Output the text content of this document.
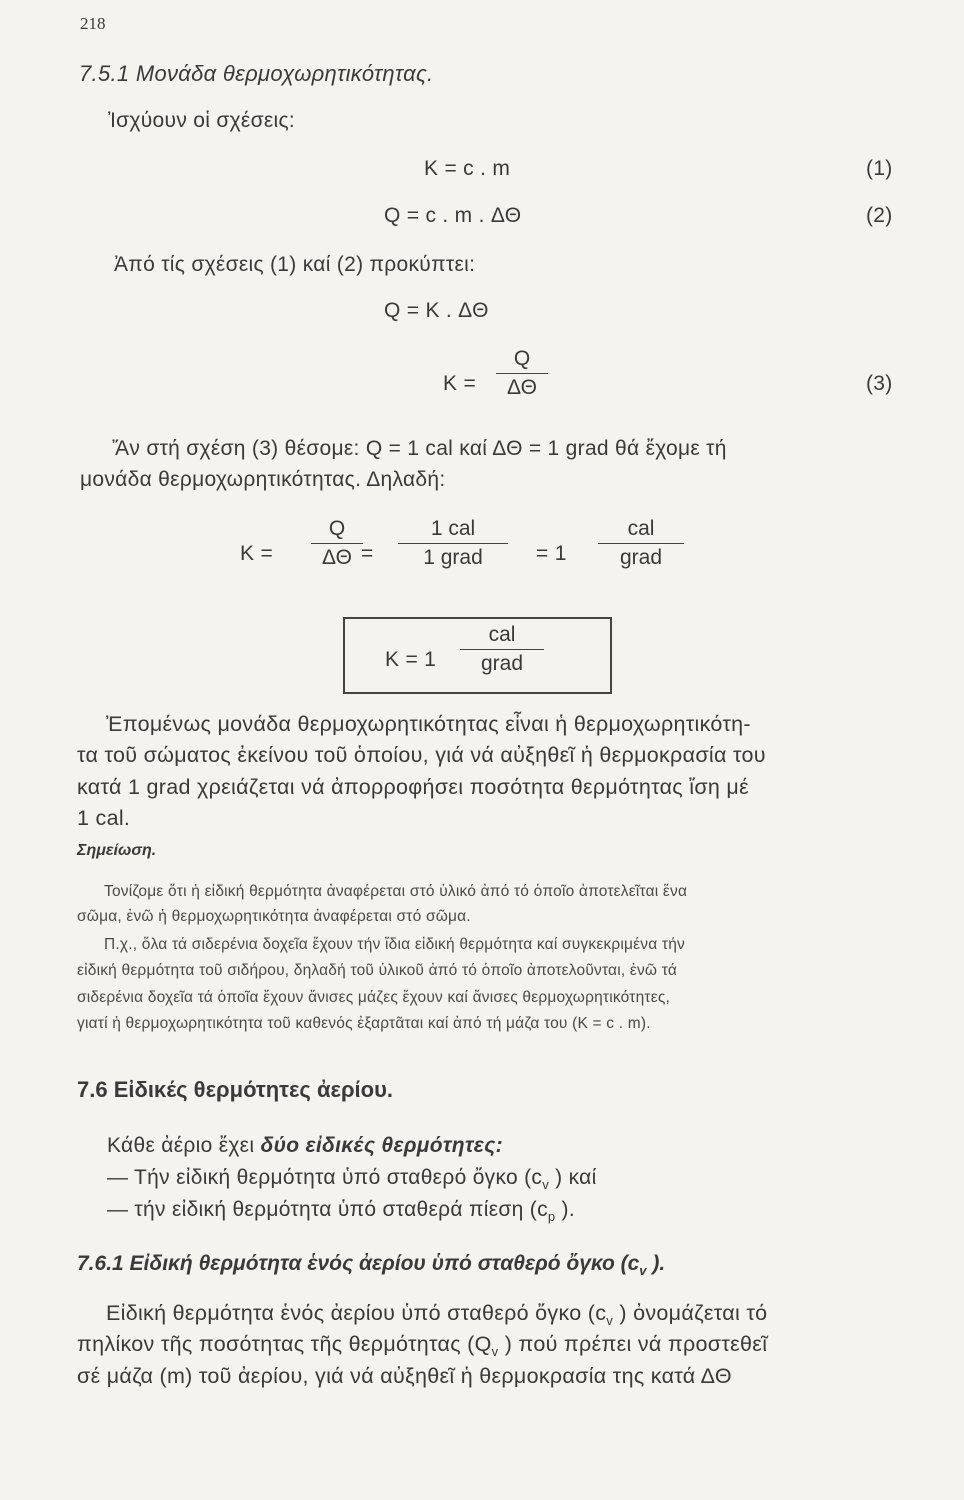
218
7.5.1 Μονάδα θερμοχωρητικότητας.
Ἰσχύουν οἱ σχέσεις:
K = c . m	(1)
Q = c . m . ΔΘ	(2)
Ἀπό τίς σχέσεις (1) καί (2) προκύπτει:
Q = K . ΔΘ
K =
Q
ΔΘ	(3)
Ἄν στή σχέση (3) θέσομε: Q = 1 cal καί ΔΘ = 1 grad θά ἔχομε τή
μονάδα θερμοχωρητικότητας. Δηλαδή:
K =
Q
ΔΘ =
1 cal
1 grad	= 1
cal
grad
K = 1
cal
grad
Ἐπομένως μονάδα θερμοχωρητικότητας εἶναι ἡ θερμοχωρητικότη-
τα τοῦ σώματος ἐκείνου τοῦ ὁποίου, γιά νά αὐξηθεῖ ἡ θερμοκρασία του
κατά 1 grad χρειάζεται νά ἀπορροφήσει ποσότητα θερμότητας ἴση μέ
1 cal.
Σημείωση.
Τονίζομε ὅτι ἡ εἰδική θερμότητα ἀναφέρεται στό ὑλικό ἀπό τό ὁποῖο ἀποτελεῖται ἕνα
σῶμα, ἐνῶ ἡ θερμοχωρητικότητα ἀναφέρεται στό σῶμα.
Π.χ., ὅλα τά σιδερένια δοχεῖα ἔχουν τήν ἴδια εἰδική θερμότητα καί συγκεκριμένα τήν
εἰδική θερμότητα τοῦ σιδήρου, δηλαδή τοῦ ὑλικοῦ ἀπό τό ὁποῖο ἀποτελοῦνται, ἐνῶ τά
σιδερένια δοχεῖα τά ὁποῖα ἔχουν ἄνισες μάζες ἔχουν καί ἄνισες θερμοχωρητικότητες,
γιατί ἡ θερμοχωρητικότητα τοῦ καθενός ἐξαρτᾶται καί ἀπό τή μάζα του (K = c . m).
7.6 Εἰδικές θερμότητες ἀερίου.
Κάθε ἀέριο ἔχει δύο εἰδικές θερμότητες:
— Τήν εἰδική θερμότητα ὑπό σταθερό ὄγκο ($c_v$ ) καί
— τήν εἰδική θερμότητα ὑπό σταθερά πίεση ($c_p$ ).
7.6.1 Εἰδική θερμότητα ἑνός ἀερίου ὑπό σταθερό ὄγκο ($c_v$ ).
Εἰδική θερμότητα ἑνός ἀερίου ὑπό σταθερό ὄγκο ($c_v$ ) ὀνομάζεται τό
πηλίκον τῆς ποσότητας τῆς θερμότητας ($Q_v$ ) πού πρέπει νά προστεθεῖ
σέ μάζα (m) τοῦ ἀερίου, γιά νά αὐξηθεῖ ἡ θερμοκρασία της κατά ΔΘ
